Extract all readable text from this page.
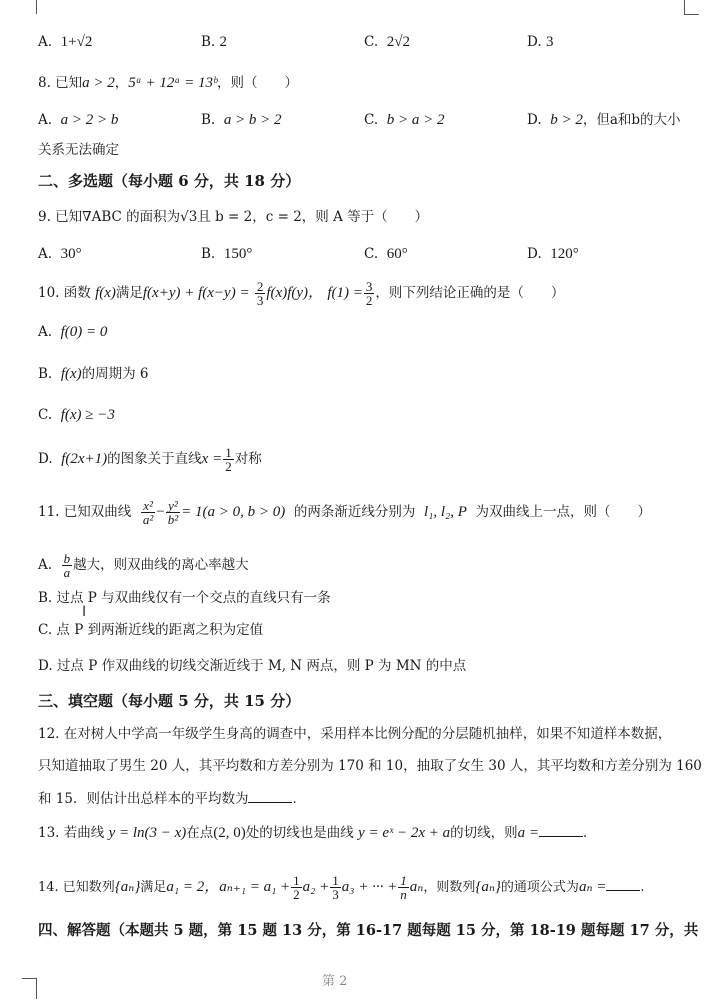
A. 1+√2	B. 2	C. 2√2	D. 3
8. 已知a > 2，5ᵃ + 12ᵃ = 13ᵇ，则（　　）
A. a > 2 > b	B. a > b > 2	C. b > a > 2	D. b > 2，但a和b的大小
关系无法确定
二、多选题（每小题 6 分，共 18 分）
9. 已知∇ABC 的面积为√3且 b = 2，c = 2，则 A 等于（　　）
A. 30°	B. 150°	C. 60°	D. 120°
10. 函数 f(x)满足$f(x+y) + f(x-y) = \frac{2}{3} f(x)f(y)$， $f(1) = \frac{3}{2}$ ，则下列结论正确的是（　　）
A. f(0) = 0
B. f(x)的周期为 6
C. f(x) ≥ −3
D. f(2x+1)的图象关于直线$x = \frac{1}{2}$ 对称
11. 已知双曲线 $\frac{\text{x²}}{\text{a²}} - \frac{\text{y²}}{\text{b²}} = 1(a > 0$, b > 0) 的两条渐近线分别为 l₁, l₂, P 为双曲线上一点，则（　　）
A. $\frac{b}{a}$ 越大，则双曲线的离心率越大
B. 过点 P 与双曲线仅有一个交点的直线只有一条
I
C. 点 P 到两渐近线的距离之积为定值
D. 过点 P 作双曲线的切线交渐近线于 M, N 两点，则 P 为 MN 的中点
三、填空题（每小题 5 分，共 15 分）
12. 在对树人中学高一年级学生身高的调查中，采用样本比例分配的分层随机抽样，如果不知道样本数据，
只知道抽取了男生 20 人，其平均数和方差分别为 170 和 10，抽取了女生 30 人，其平均数和方差分别为 160
和 15．则估计出总样本的平均数为	．
13. 若曲线 y = ln(3 − x)在点(2, 0)处的切线也是曲线 y = eˣ − 2x + a的切线，则a =	．
14. 已知数列{aₙ}满足a₁ = 2，$a_{n+1} = a_1 + \frac{1}{2} a_2 + \frac{1}{3} a_3$ + ··· + $\frac{1}{n}$ aₙ，则数列{aₙ}的通项公式为aₙ =	.
四、解答题（本题共 5 题，第 15 题 13 分，第 16-17 题每题 15 分，第 18-19 题每题 17 分，共
第 2
